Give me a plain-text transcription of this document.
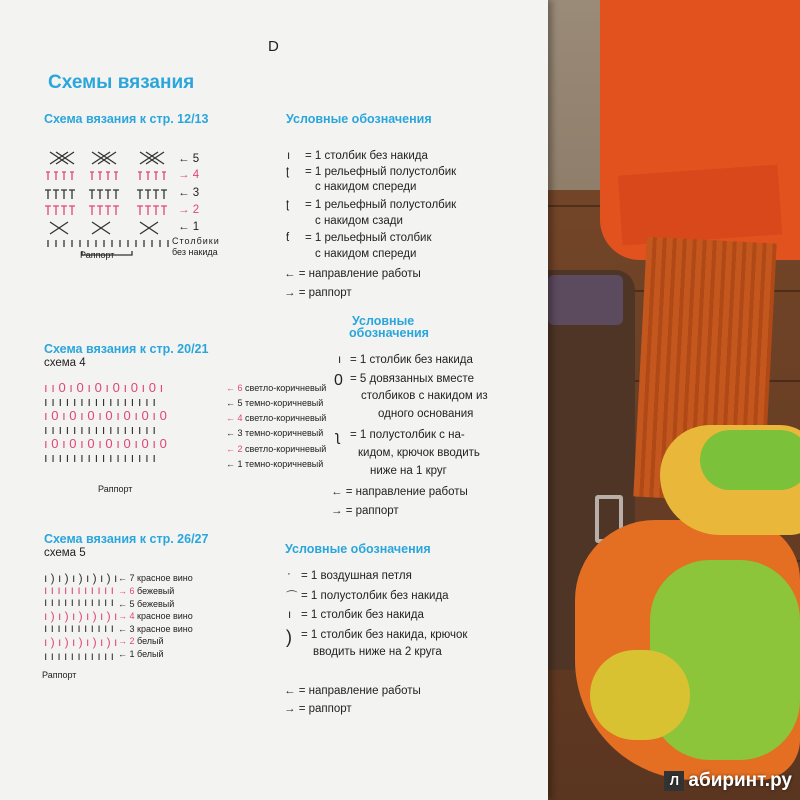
Л абиринт.ру
D
Схемы вязания
Схема вязания к стр. 12/13
← 5
→ 4
← 3
→ 2
← 1
Раппорт
Столбики
без накида
Условные обозначения
ı = 1 столбик без накида
ʈ = 1 рельефный полустолбик
с накидом спереди
ʈ = 1 рельефный полустолбик
с накидом сзади
ƭ = 1 рельефный столбик
с накидом спереди
← = направление работы
→ = раппорт
Схема вязания к стр. 20/21
схема 4
ı ı 0 ı 0 ı 0 ı 0 ı 0 ı 0 ı
ı ı ı ı ı ı ı ı ı ı ı ı ı ı ı ı
ı 0 ı 0 ı 0 ı 0 ı 0 ı 0 ı 0
ı ı ı ı ı ı ı ı ı ı ı ı ı ı ı ı
ı 0 ı 0 ı 0 ı 0 ı 0 ı 0 ı 0
ı ı ı ı ı ı ı ı ı ı ı ı ı ı ı ı
← 6 светло-коричневый
← 5 темно-коричневый
← 4 светло-коричневый
← 3 темно-коричневый
← 2 светло-коричневый
← 1 темно-коричневый
Раппорт
Условные
обозначения
ı = 1 столбик без накида
0 = 5 довязанных вместе
столбиков с накидом из
одного основания
ʅ = 1 полустолбик с на-
кидом, крючок вводить
ниже на 1 круг
← = направление работы
→ = раппорт
Схема вязания к стр. 26/27
схема 5
ı ) ı ) ı ) ı ) ı ) ı
ı ı ı ı ı ı ı ı ı ı ı
ı ı ı ı ı ı ı ı ı ı ı
ı ) ı ) ı ) ı ) ı ) ı
ı ı ı ı ı ı ı ı ı ı ı
ı ) ı ) ı ) ı ) ı ) ı
ı ı ı ı ı ı ı ı ı ı ı
← 7 красное вино
→ 6 бежевый
← 5 бежевый
→ 4 красное вино
← 3 красное вино
→ 2 белый
← 1 белый
Раппорт
Условные обозначения
· = 1 воздушная петля
⌒ = 1 полустолбик без накида
ı = 1 столбик без накида
) = 1 столбик без накида, крючок
вводить ниже на 2 круга
← = направление работы
→ = раппорт
